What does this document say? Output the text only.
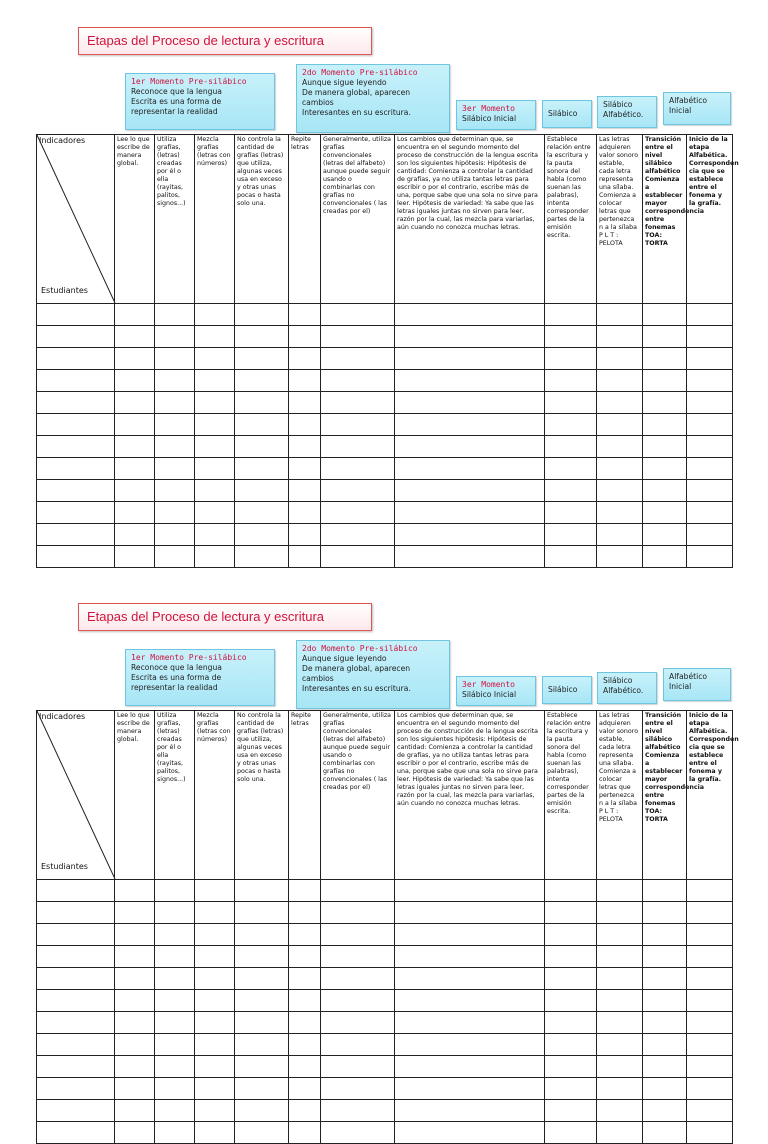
Etapas del Proceso de lectura y escritura
1er Momento Pre-silábico
Reconoce que la lengua
Escrita es una forma de
representar la realidad
2do Momento Pre-silábico
Aunque sigue leyendo
De manera global, aparecen
cambios
Interesantes en su escritura.	3er Momento
Silábico Inicial
Silábico
Silábico
Alfabético.
Alfabético
Inicial
Indicadores
Estudiantes	Lee lo que escribe de manera global.	Utiliza grafías, (letras) creadas por él o ella (rayitas, palitos, signos...)	Mezcla grafías (letras con números)	No controla la cantidad de grafías (letras) que utiliza, algunas veces usa en exceso y otras unas pocas o hasta solo una.	Repite letras	Generalmente, utiliza grafías convencionales (letras del alfabeto) aunque puede seguir usando o combinarlas con grafías no convencionales ( las creadas por el)	Los cambios que determinan que, se encuentra en el segundo momento del proceso de construcción de la lengua escrita son los siguientes hipótesis: Hipótesis de cantidad: Comienza a controlar la cantidad de grafías, ya no utiliza tantas letras para escribir o por el contrario, escribe más de una, porque sabe que una sola no sirve para leer. Hipótesis de variedad: Ya sabe que las letras iguales juntas no sirven para leer, razón por la cual, las mezcla para variarlas, aún cuando no conozca muchas letras.	Establece relación entre la escritura y la pauta sonora del habla (como suenan las palabras), intenta corresponder partes de la emisión escrita.	Las letras adquieren valor sonoro estable, cada letra representa una sílaba. Comienza a colocar letras que pertenezca n a la sílaba P L T : PELOTA	Transición entre el nivel silábico alfabético Comienza a establecer mayor correspondencia entre fonemas TOA: TORTA	Inicio de la etapa Alfabética. Corresponden cia que se establece entre el fonema y la grafía.

Etapas del Proceso de lectura y escritura
1er Momento Pre-silábico
Reconoce que la lengua
Escrita es una forma de
representar la realidad
2do Momento Pre-silábico
Aunque sigue leyendo
De manera global, aparecen
cambios
Interesantes en su escritura.	3er Momento
Silábico Inicial
Silábico
Silábico
Alfabético.
Alfabético
Inicial
Indicadores
Estudiantes	Lee lo que escribe de manera global.	Utiliza grafías, (letras) creadas por él o ella (rayitas, palitos, signos...)	Mezcla grafías (letras con números)	No controla la cantidad de grafías (letras) que utiliza, algunas veces usa en exceso y otras unas pocas o hasta solo una.	Repite letras	Generalmente, utiliza grafías convencionales (letras del alfabeto) aunque puede seguir usando o combinarlas con grafías no convencionales ( las creadas por el)	Los cambios que determinan que, se encuentra en el segundo momento del proceso de construcción de la lengua escrita son los siguientes hipótesis: Hipótesis de cantidad: Comienza a controlar la cantidad de grafías, ya no utiliza tantas letras para escribir o por el contrario, escribe más de una, porque sabe que una sola no sirve para leer. Hipótesis de variedad: Ya sabe que las letras iguales juntas no sirven para leer, razón por la cual, las mezcla para variarlas, aún cuando no conozca muchas letras.	Establece relación entre la escritura y la pauta sonora del habla (como suenan las palabras), intenta corresponder partes de la emisión escrita.	Las letras adquieren valor sonoro estable, cada letra representa una sílaba. Comienza a colocar letras que pertenezca n a la sílaba P L T : PELOTA	Transición entre el nivel silábico alfabético Comienza a establecer mayor correspondencia entre fonemas TOA: TORTA	Inicio de la etapa Alfabética. Corresponden cia que se establece entre el fonema y la grafía.
